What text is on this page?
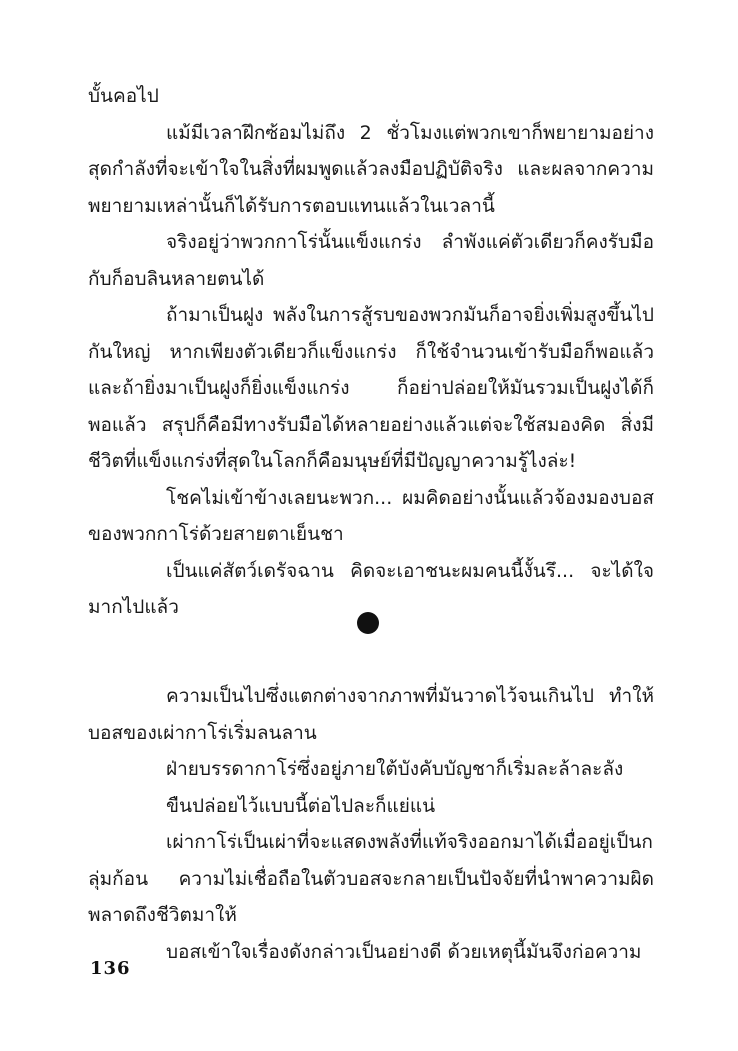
บั้นคอไป

แม้มีเวลาฝึกซ้อมไม่ถึง 2 ชั่วโมงแต่พวกเขาก็พยายามอย่างสุดกำลังที่จะเข้าใจในสิ่งที่ผมพูดแล้วลงมือปฏิบัติจริง และผลจากความพยายามเหล่านั้นก็ได้รับการตอบแทนแล้วในเวลานี้

จริงอยู่ว่าพวกกาโร่นั้นแข็งแกร่ง ลำพังแค่ตัวเดียวก็คงรับมือกับก็อบลินหลายตนได้

ถ้ามาเป็นฝูง พลังในการสู้รบของพวกมันก็อาจยิ่งเพิ่มสูงขึ้นไปกันใหญ่ หากเพียงตัวเดียวก็แข็งแกร่ง ก็ใช้จำนวนเข้ารับมือก็พอแล้ว และถ้ายิ่งมาเป็นฝูงก็ยิ่งแข็งแกร่ง ก็อย่าปล่อยให้มันรวมเป็นฝูงได้ก็พอแล้ว สรุปก็คือมีทางรับมือได้หลายอย่างแล้วแต่จะใช้สมองคิด สิ่งมีชีวิตที่แข็งแกร่งที่สุดในโลกก็คือมนุษย์ที่มีปัญญาความรู้ไงล่ะ!

โชคไม่เข้าข้างเลยนะพวก... ผมคิดอย่างนั้นแล้วจ้องมองบอสของพวกกาโร่ด้วยสายตาเย็นชา

เป็นแค่สัตว์เดรัจฉาน คิดจะเอาชนะผมคนนี้งั้นรึ... จะได้ใจมากไปแล้ว

ความเป็นไปซึ่งแตกต่างจากภาพที่มันวาดไว้จนเกินไป ทำให้บอสของเผ่ากาโร่เริ่มลนลาน

ฝ่ายบรรดากาโร่ซึ่งอยู่ภายใต้บังคับบัญชาก็เริ่มละล้าละลัง

ขืนปล่อยไว้แบบนี้ต่อไปละก็แย่แน่

เผ่ากาโร่เป็นเผ่าที่จะแสดงพลังที่แท้จริงออกมาได้เมื่ออยู่เป็นกลุ่มก้อน ความไม่เชื่อถือในตัวบอสจะกลายเป็นปัจจัยที่นำพาความผิดพลาดถึงชีวิตมาให้

บอสเข้าใจเรื่องดังกล่าวเป็นอย่างดี ด้วยเหตุนี้มันจึงก่อความ

136
